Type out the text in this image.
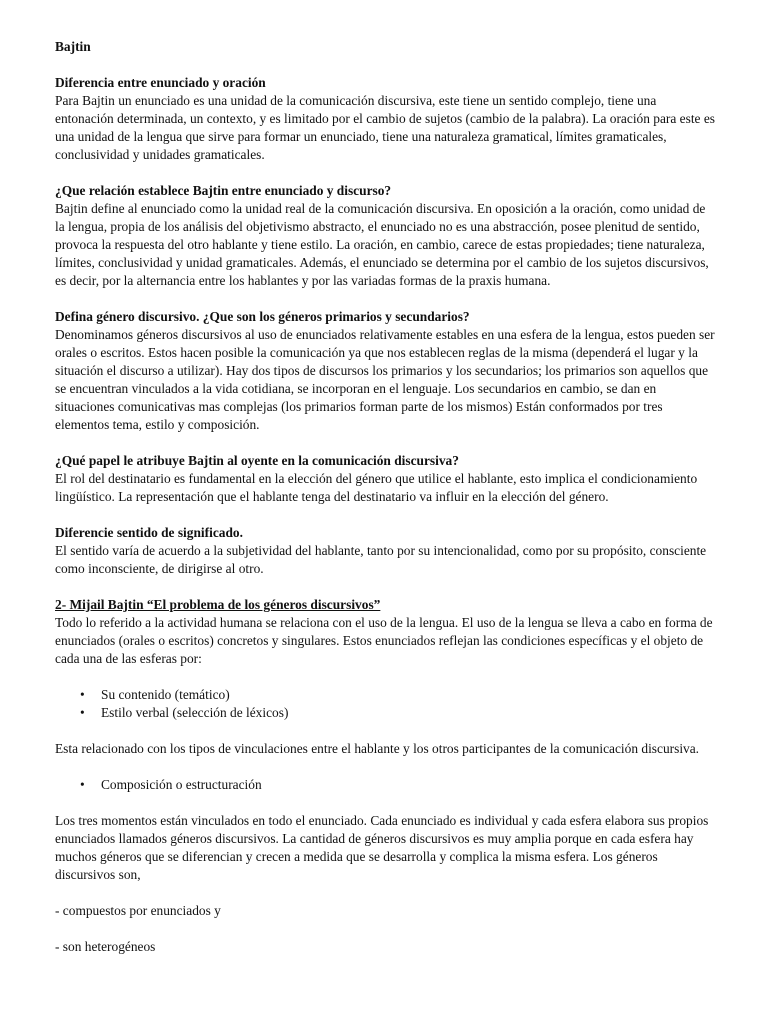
Bajtin

Diferencia entre enunciado y oración

Para Bajtin un enunciado es una unidad de la comunicación discursiva, este tiene un sentido complejo, tiene una entonación determinada, un contexto, y es limitado por el cambio de sujetos (cambio de la palabra). La oración para este es una unidad de la lengua que sirve para formar un enunciado, tiene una naturaleza gramatical, límites gramaticales, conclusividad y unidades gramaticales.

¿Que relación establece Bajtin entre enunciado y discurso?

Bajtin define al enunciado como la unidad real de la comunicación discursiva. En oposición a la oración, como unidad de la lengua, propia de los análisis del objetivismo abstracto, el enunciado no es una abstracción, posee plenitud de sentido, provoca la respuesta del otro hablante y tiene estilo. La oración, en cambio, carece de estas propiedades; tiene naturaleza, límites, conclusividad y unidad gramaticales. Además, el enunciado se determina por el cambio de los sujetos discursivos, es decir, por la alternancia entre los hablantes y por las variadas formas de la praxis humana.

Defina género discursivo. ¿Que son los géneros primarios y secundarios?

Denominamos géneros discursivos al uso de enunciados relativamente estables en una esfera de la lengua, estos pueden ser orales o escritos. Estos hacen posible la comunicación ya que nos establecen reglas de la misma (dependerá el lugar y la situación el discurso a utilizar). Hay dos tipos de discursos los primarios y los secundarios; los primarios son aquellos que se encuentran vinculados a la vida cotidiana, se incorporan en el lenguaje. Los secundarios en cambio, se dan en situaciones comunicativas mas complejas (los primarios forman parte de los mismos) Están conformados por tres elementos tema, estilo y composición.

¿Qué papel le atribuye Bajtin al oyente en la comunicación discursiva?

El rol del destinatario es fundamental en la elección del género que utilice el hablante, esto implica el condicionamiento lingüístico. La representación que el hablante tenga del destinatario va influir en la elección del género.

Diferencie sentido de significado.

El sentido varía de acuerdo a la subjetividad del hablante, tanto por su intencionalidad, como por su propósito, consciente como inconsciente, de dirigirse al otro.

2- Mijail Bajtin “El problema de los géneros discursivos”

Todo lo referido a la actividad humana se relaciona con el uso de la lengua. El uso de la lengua se lleva a cabo en forma de enunciados (orales o escritos) concretos y singulares. Estos enunciados reflejan las condiciones específicas y el objeto de cada una de las esferas por:

• Su contenido (temático)
• Estilo verbal (selección de léxicos)

Esta relacionado con los tipos de vinculaciones entre el hablante y los otros participantes de la comunicación discursiva.

• Composición o estructuración

Los tres momentos están vinculados en todo el enunciado. Cada enunciado es individual y cada esfera elabora sus propios enunciados llamados géneros discursivos. La cantidad de géneros discursivos es muy amplia porque en cada esfera hay muchos géneros que se diferencian y crecen a medida que se desarrolla y complica la misma esfera. Los géneros discursivos son,

- compuestos por enunciados y

- son heterogéneos
